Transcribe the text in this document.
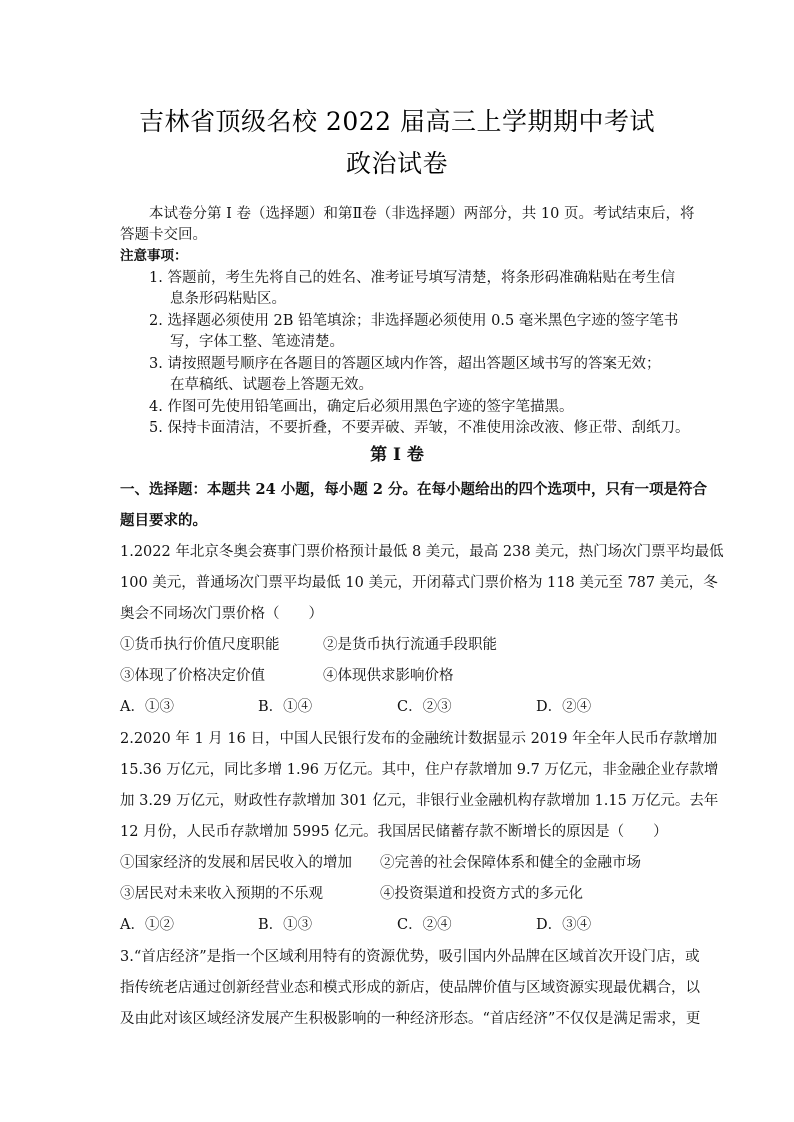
吉林省顶级名校 2022 届高三上学期期中考试
政治试卷
本试卷分第 Ⅰ 卷（选择题）和第Ⅱ卷（非选择题）两部分，共 10 页。考试结束后，将
答题卡交回。
注意事项：
1. 答题前，考生先将自己的姓名、准考证号填写清楚，将条形码准确粘贴在考生信
息条形码粘贴区。
2. 选择题必须使用 2B 铅笔填涂；非选择题必须使用 0.5 毫米黑色字迹的签字笔书
写，字体工整、笔迹清楚。
3. 请按照题号顺序在各题目的答题区域内作答，超出答题区域书写的答案无效；
在草稿纸、试题卷上答题无效。
4. 作图可先使用铅笔画出，确定后必须用黑色字迹的签字笔描黑。
5. 保持卡面清洁，不要折叠，不要弄破、弄皱，不准使用涂改液、修正带、刮纸刀。
第 Ⅰ 卷
一、选择题：本题共 24 小题，每小题 2 分。在每小题给出的四个选项中，只有一项是符合
题目要求的。
1.2022 年北京冬奥会赛事门票价格预计最低 8 美元，最高 238 美元，热门场次门票平均最低
100 美元，普通场次门票平均最低 10 美元，开闭幕式门票价格为 118 美元至 787 美元，冬
奥会不同场次门票价格（　　）
①货币执行价值尺度职能	②是货币执行流通手段职能
③体现了价格决定价值	④体现供求影响价格
A．①③	B．①④	C．②③	D．②④
2.2020 年 1 月 16 日，中国人民银行发布的金融统计数据显示 2019 年全年人民币存款增加
15.36 万亿元，同比多增 1.96 万亿元。其中，住户存款增加 9.7 万亿元，非金融企业存款增
加 3.29 万亿元，财政性存款增加 301 亿元，非银行业金融机构存款增加 1.15 万亿元。去年
12 月份，人民币存款增加 5995 亿元。我国居民储蓄存款不断增长的原因是（　　）
①国家经济的发展和居民收入的增加 ②完善的社会保障体系和健全的金融市场
③居民对未来收入预期的不乐观	④投资渠道和投资方式的多元化
A．①②	B．①③	C．②④	D．③④
3.“首店经济”是指一个区域利用特有的资源优势，吸引国内外品牌在区域首次开设门店，或
指传统老店通过创新经营业态和模式形成的新店，使品牌价值与区域资源实现最优耦合，以
及由此对该区域经济发展产生积极影响的一种经济形态。“首店经济”不仅仅是满足需求，更
